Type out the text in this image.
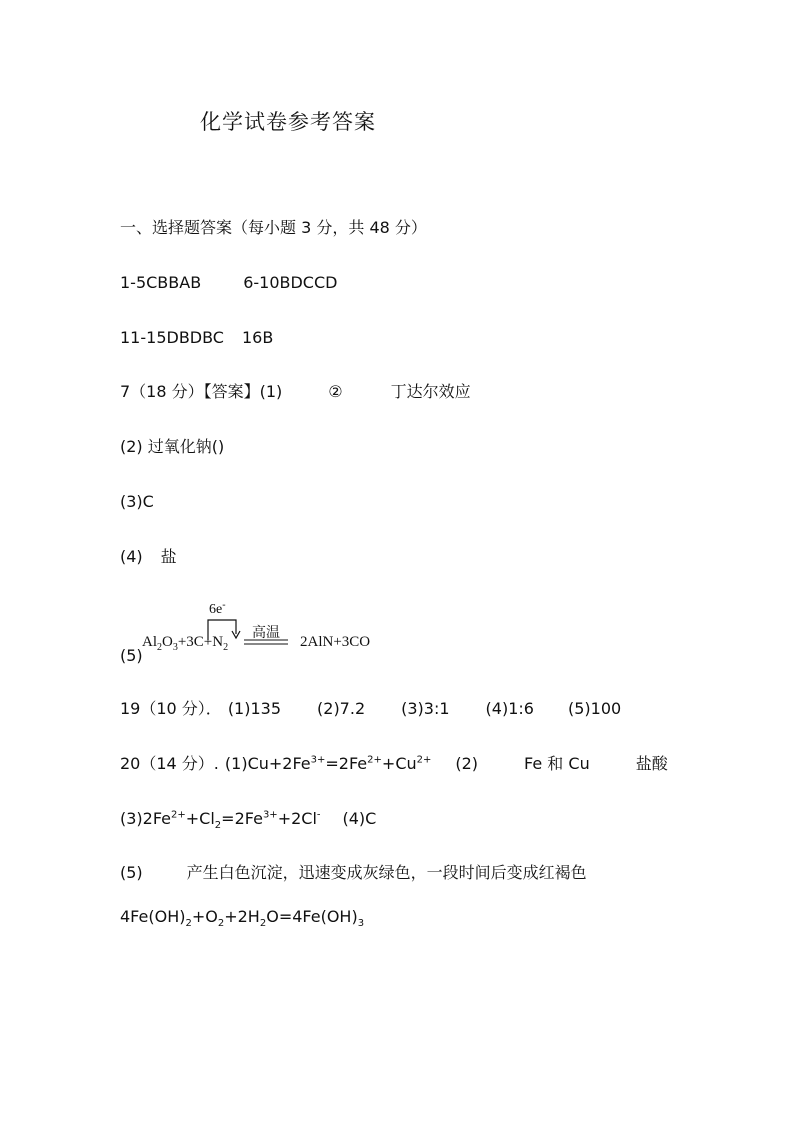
化学试卷参考答案
一、选择题答案（每小题 3 分，共 48 分）
1-5CBBAB	6-10BDCCD
11-15DBDBC 16B
7（18 分）【答案】(1)	②	丁达尔效应
(2) 过氧化钠()
(3)C
(4) 盐
(5)
6e-
高温
$Al_2O_3+3C+N_2$	2AlN+3CO
19（10 分）． (1)135 (2)7.2 (3)3:1 (4)1:6 (5)100
20（14 分）. $(1)Cu+2Fe^{3+}=2Fe^{2+}+Cu^{2+}$ (2)	Fe 和 Cu	盐酸
$(3)2Fe^{2+}+Cl_2=2Fe^{3+}+2Cl^-$ (4)C
(5)	产生白色沉淀，迅速变成灰绿色，一段时间后变成红褐色
$4Fe(OH)_2+O_2+2H_2O=4Fe(OH)_3$
